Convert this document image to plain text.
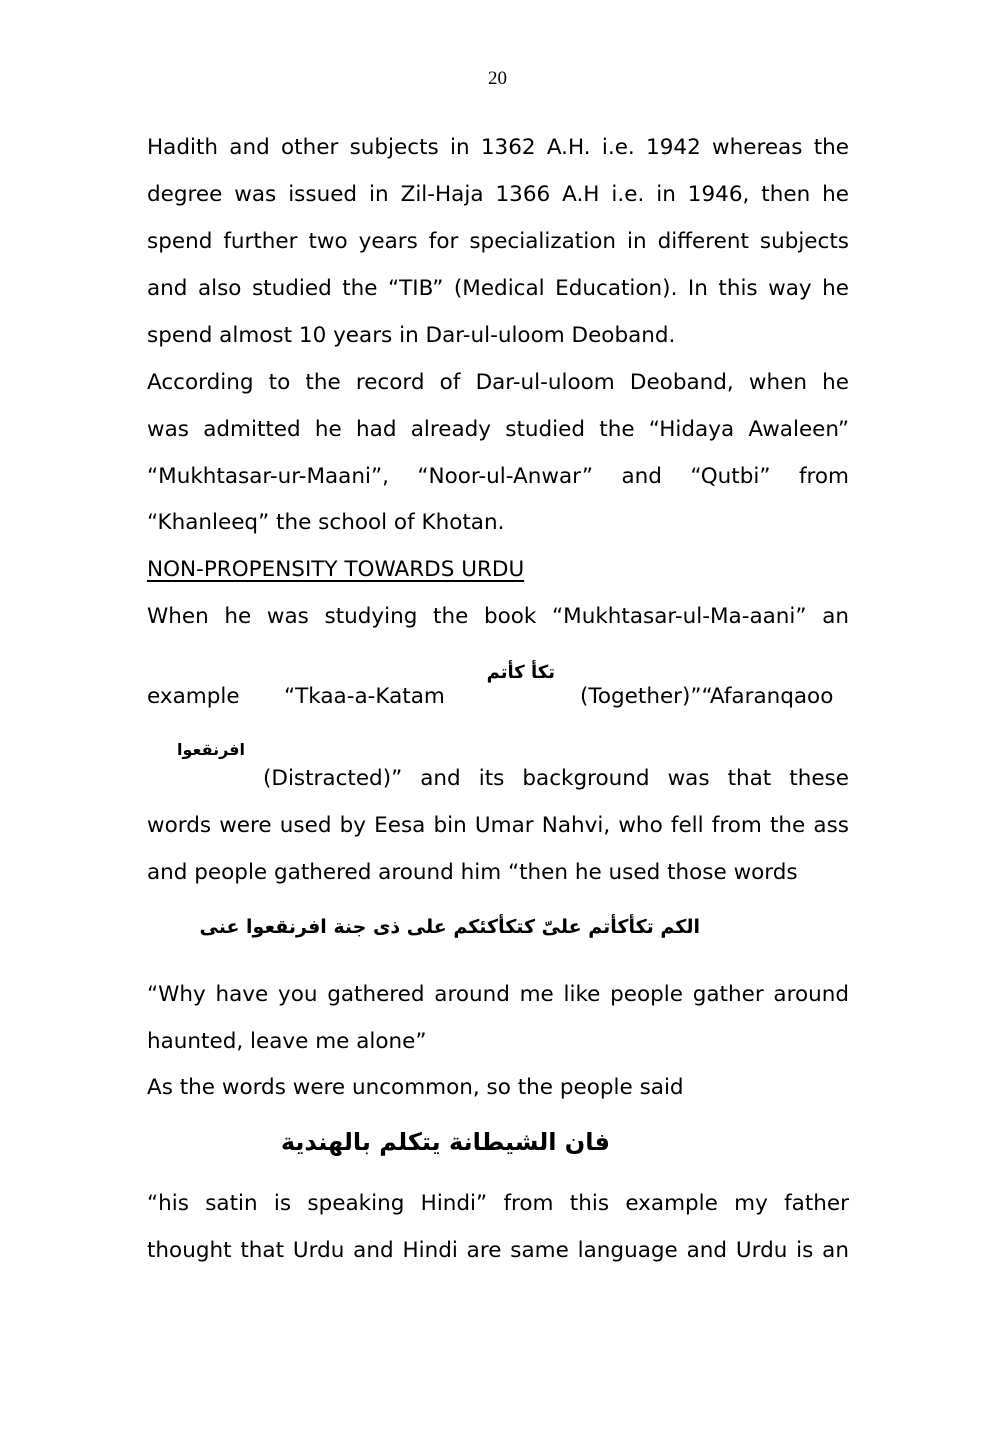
20
Hadith and other subjects in 1362 A.H. i.e. 1942 whereas the
degree was issued in Zil-Haja 1366 A.H i.e. in 1946, then he
spend further two years for specialization in different subjects
and also studied the “TIB” (Medical Education). In this way he
spend almost 10 years in Dar-ul-uloom Deoband.
According to the record of Dar-ul-uloom Deoband, when he
was admitted he had already studied the “Hidaya Awaleen”
“Mukhtasar-ur-Maani”, “Noor-ul-Anwar” and “Qutbi” from
“Khanleeq” the school of Khotan.
NON-PROPENSITY TOWARDS URDU
When he was studying the book “Mukhtasar-ul-Ma-aani” an
example “Tkaa-a-Katam
تكأ كأتم
(Together)”“Afaranqaoo
افرنقعوا
(Distracted)” and its background was that these
words were used by Eesa bin Umar Nahvi, who fell from the ass
and people gathered around him “then he used those words
الكم تكأكأتم علىّ كتكأكئكم على ذى جنة افرنقعوا عنى
“Why have you gathered around me like people gather around
haunted, leave me alone”
As the words were uncommon, so the people said
فان الشيطانة يتكلم بالهندية
“his satin is speaking Hindi” from this example my father
thought that Urdu and Hindi are same language and Urdu is an
